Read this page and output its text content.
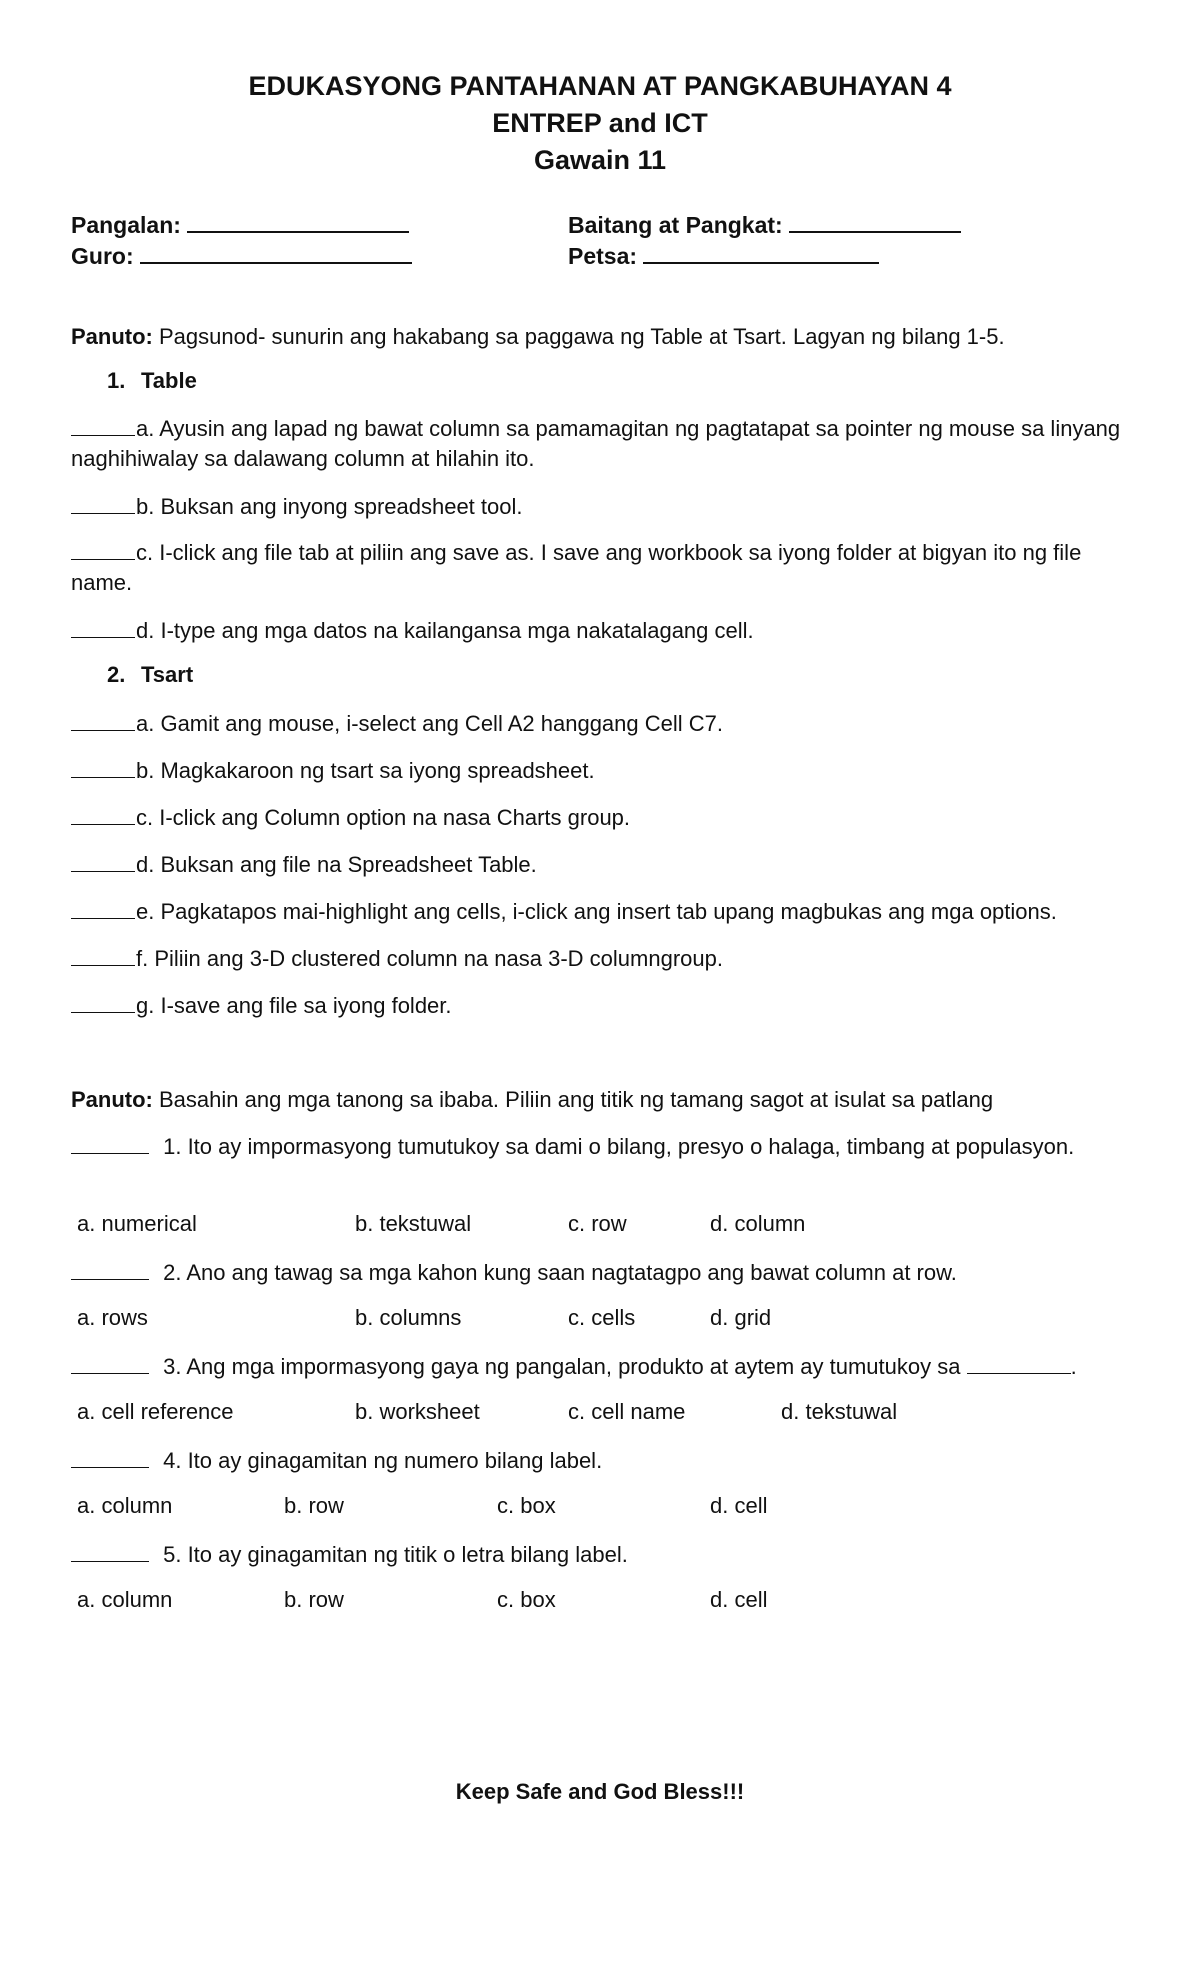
EDUKASYONG PANTAHANAN AT PANGKABUHAYAN 4
ENTREP and ICT
Gawain 11
Pangalan:	Baitang at Pangkat:
Guro:	Petsa:
Panuto: Pagsunod- sunurin ang hakabang sa paggawa ng Table at Tsart. Lagyan ng bilang 1-5.
1. Table
a. Ayusin ang lapad ng bawat column sa pamamagitan ng pagtatapat sa pointer ng mouse sa linyang naghihiwalay sa dalawang column at hilahin ito.
b. Buksan ang inyong spreadsheet tool.
c. I-click ang file tab at piliin ang save as. I save ang workbook sa iyong folder at bigyan ito ng file name.
d. I-type ang mga datos na kailangansa mga nakatalagang cell.
2. Tsart
a. Gamit ang mouse, i-select ang Cell A2 hanggang Cell C7.
b. Magkakaroon ng tsart sa iyong spreadsheet.
c. I-click ang Column option na nasa Charts group.
d. Buksan ang file na Spreadsheet Table.
e. Pagkatapos mai-highlight ang cells, i-click ang insert tab upang magbukas ang mga options.
f. Piliin ang 3-D clustered column na nasa 3-D columngroup.
g. I-save ang file sa iyong folder.
Panuto: Basahin ang mga tanong sa ibaba. Piliin ang titik ng tamang sagot at isulat sa patlang
1. Ito ay impormasyong tumutukoy sa dami o bilang, presyo o halaga, timbang at populasyon.
a. numerical	b. tekstuwal	c. row	d. column
2. Ano ang tawag sa mga kahon kung saan nagtatagpo ang bawat column at row.
a. rows	b. columns	c. cells	d. grid
3. Ang mga impormasyong gaya ng pangalan, produkto at aytem ay tumutukoy sa	.
a. cell reference	b. worksheet	c. cell name	d. tekstuwal
4. Ito ay ginagamitan ng numero bilang label.
a. column	b. row	c. box	d. cell
5. Ito ay ginagamitan ng titik o letra bilang label.
a. column	b. row	c. box	d. cell
Keep Safe and God Bless!!!
